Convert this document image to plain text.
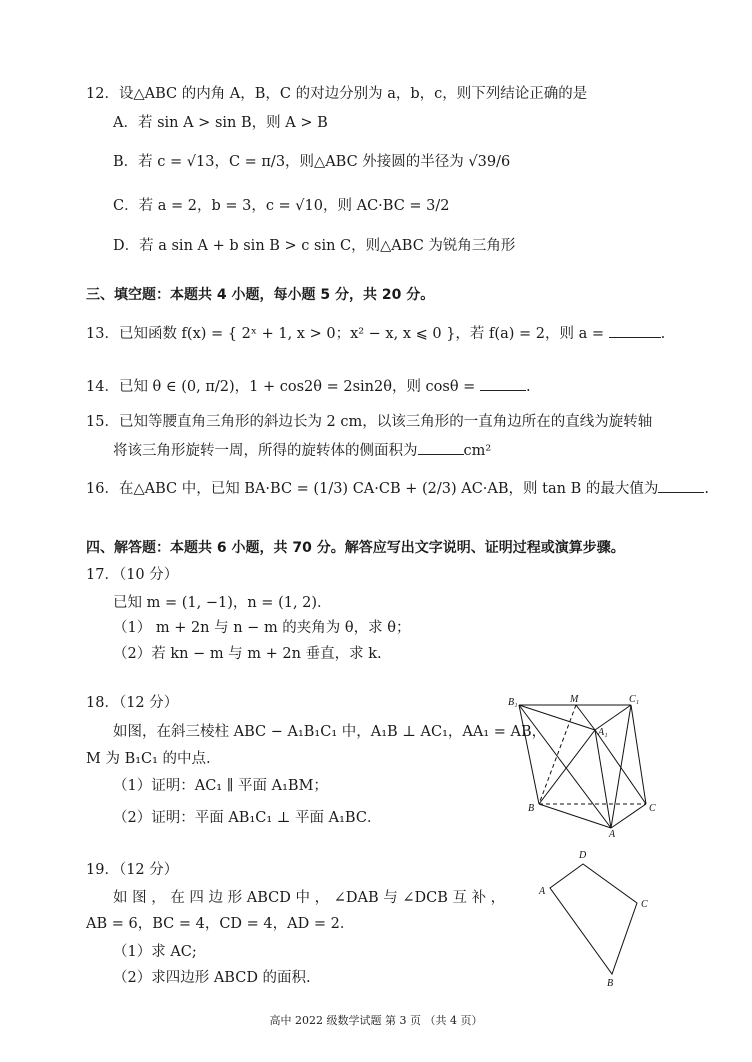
12．设△ABC 的内角 A，B，C 的对边分别为 a，b，c，则下列结论正确的是
A．若 sin A > sin B，则 A > B
B．若 c = √13，C = π/3，则△ABC 外接圆的半径为 √39/6
C．若 a = 2，b = 3，c = √10，则 AC·BC = 3/2
D．若 a sin A + b sin B > c sin C，则△ABC 为锐角三角形
三、填空题：本题共 4 小题，每小题 5 分，共 20 分。
13．已知函数 f(x) = { 2ˣ + 1, x > 0；x² − x, x ⩽ 0 }，若 f(a) = 2，则 a =	.
14．已知 θ ∈ (0, π/2)，1 + cos2θ = 2sin2θ，则 cosθ =	.
15．已知等腰直角三角形的斜边长为 2 cm，以该三角形的一直角边所在的直线为旋转轴
将该三角形旋转一周，所得的旋转体的侧面积为	cm²
16．在△ABC 中，已知 BA·BC = (1/3) CA·CB + (2/3) AC·AB，则 tan B 的最大值为	.
四、解答题：本题共 6 小题，共 70 分。解答应写出文字说明、证明过程或演算步骤。
17．（10 分）
已知 m = (1, −1)，n = (1, 2)．
（1） m + 2n 与 n − m 的夹角为 θ，求 θ；
（2）若 kn − m 与 m + 2n 垂直，求 k.
18．（12 分）
如图，在斜三棱柱 ABC − A₁B₁C₁ 中，A₁B ⊥ AC₁，AA₁ = AB，
M 为 B₁C₁ 的中点.
（1）证明：AC₁ ∥ 平面 A₁BM；
（2）证明：平面 AB₁C₁ ⊥ 平面 A₁BC．
B₁	M	C₁
A₁
B	C
A
19．（12 分）
如 图 ， 在 四 边 形 ABCD 中 ， ∠DAB 与 ∠DCB 互 补 ，
AB = 6，BC = 4，CD = 4，AD = 2．
（1）求 AC;
（2）求四边形 ABCD 的面积.
D
A
C
B
高中 2022 级数学试题 第 3 页 （共 4 页）
